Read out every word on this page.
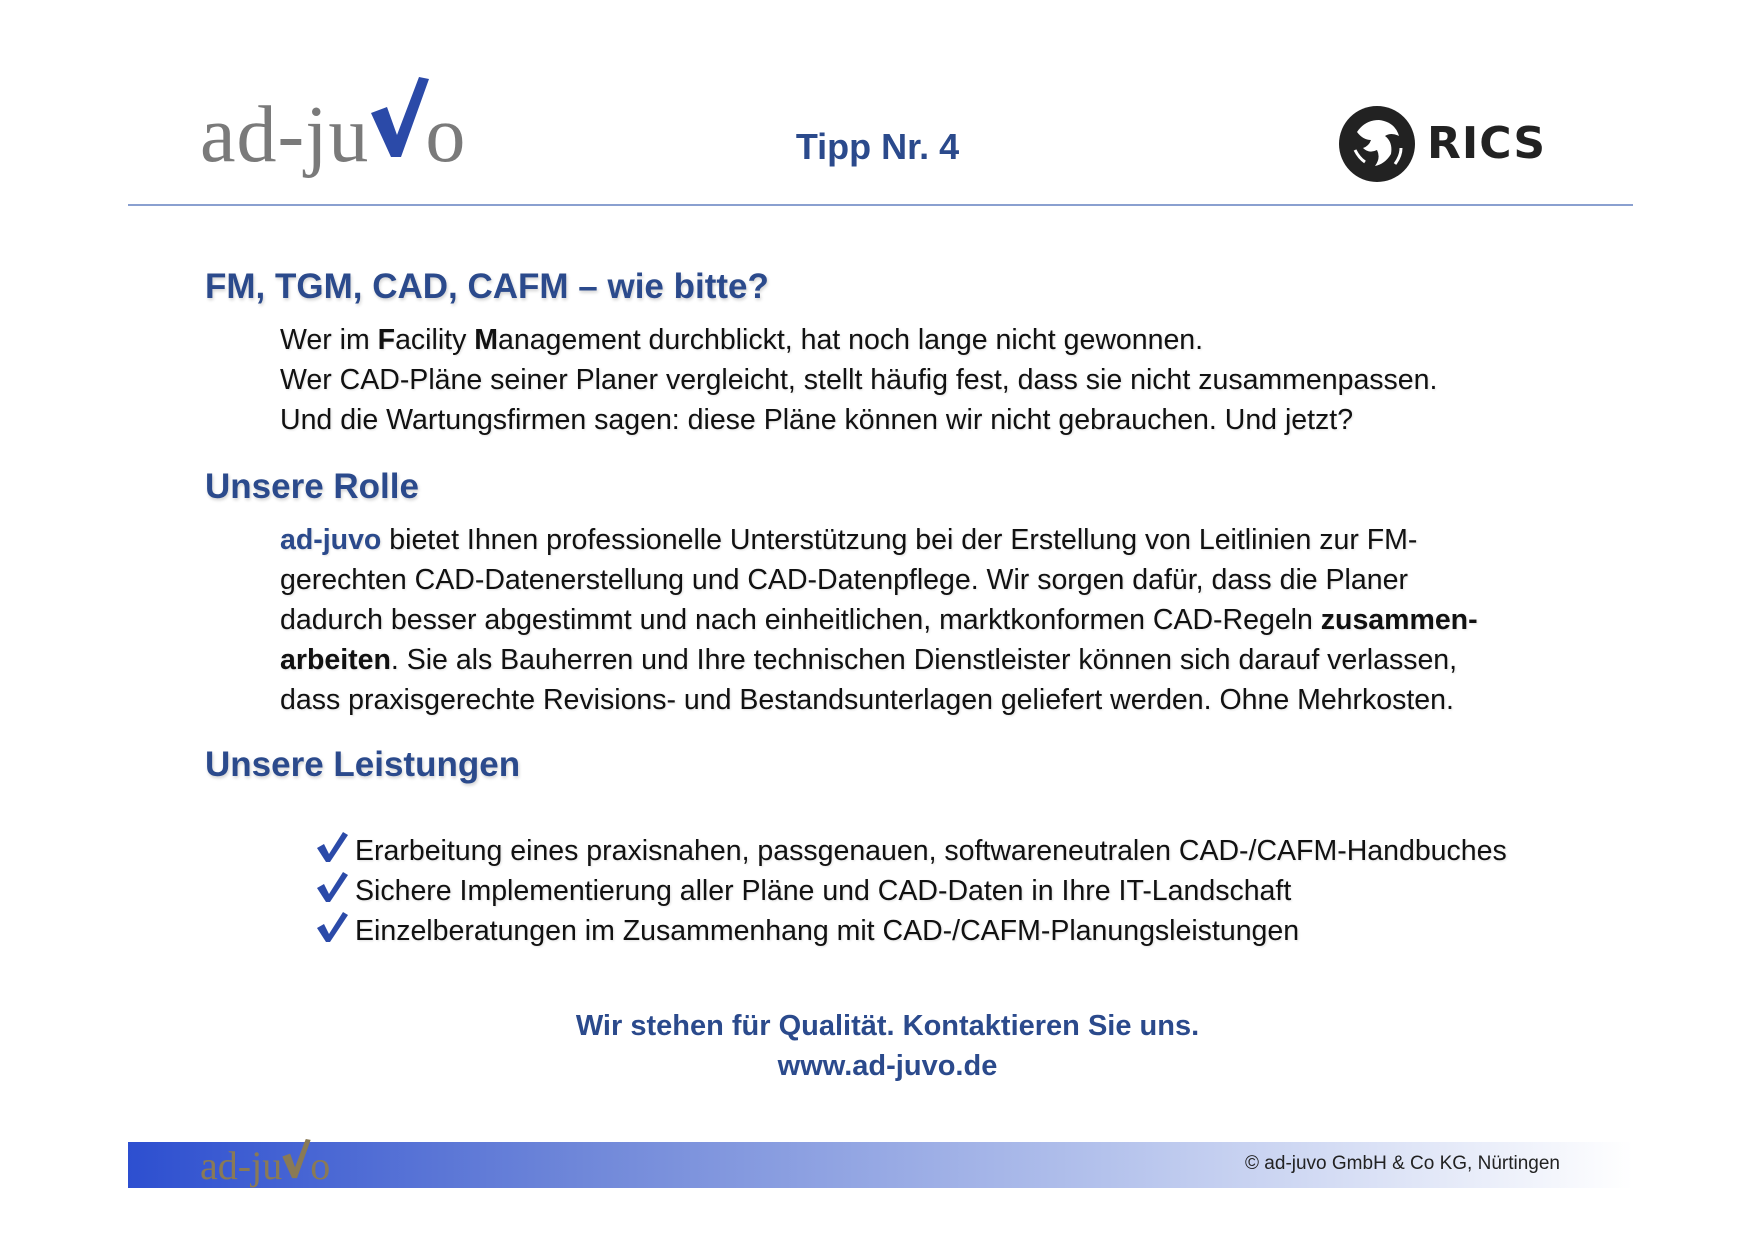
ad-ju o	Tipp Nr. 4	RICS
FM, TGM, CAD, CAFM – wie bitte?
Wer im Facility Management durchblickt, hat noch lange nicht gewonnen.
Wer CAD-Pläne seiner Planer vergleicht, stellt häufig fest, dass sie nicht zusammenpassen.
Und die Wartungsfirmen sagen: diese Pläne können wir nicht gebrauchen. Und jetzt?
Unsere Rolle
ad-juvo bietet Ihnen professionelle Unterstützung bei der Erstellung von Leitlinien zur FM-
gerechten CAD-Datenerstellung und CAD-Datenpflege. Wir sorgen dafür, dass die Planer
dadurch besser abgestimmt und nach einheitlichen, marktkonformen CAD-Regeln zusammen-
arbeiten. Sie als Bauherren und Ihre technischen Dienstleister können sich darauf verlassen,
dass praxisgerechte Revisions- und Bestandsunterlagen geliefert werden. Ohne Mehrkosten.
Unsere Leistungen
Erarbeitung eines praxisnahen, passgenauen, softwareneutralen CAD-/CAFM-Handbuches
Sichere Implementierung aller Pläne und CAD-Daten in Ihre IT-Landschaft
Einzelberatungen im Zusammenhang mit CAD-/CAFM-Planungsleistungen
Wir stehen für Qualität. Kontaktieren Sie uns.
www.ad-juvo.de
ad-ju o	© ad-juvo GmbH & Co KG, Nürtingen
